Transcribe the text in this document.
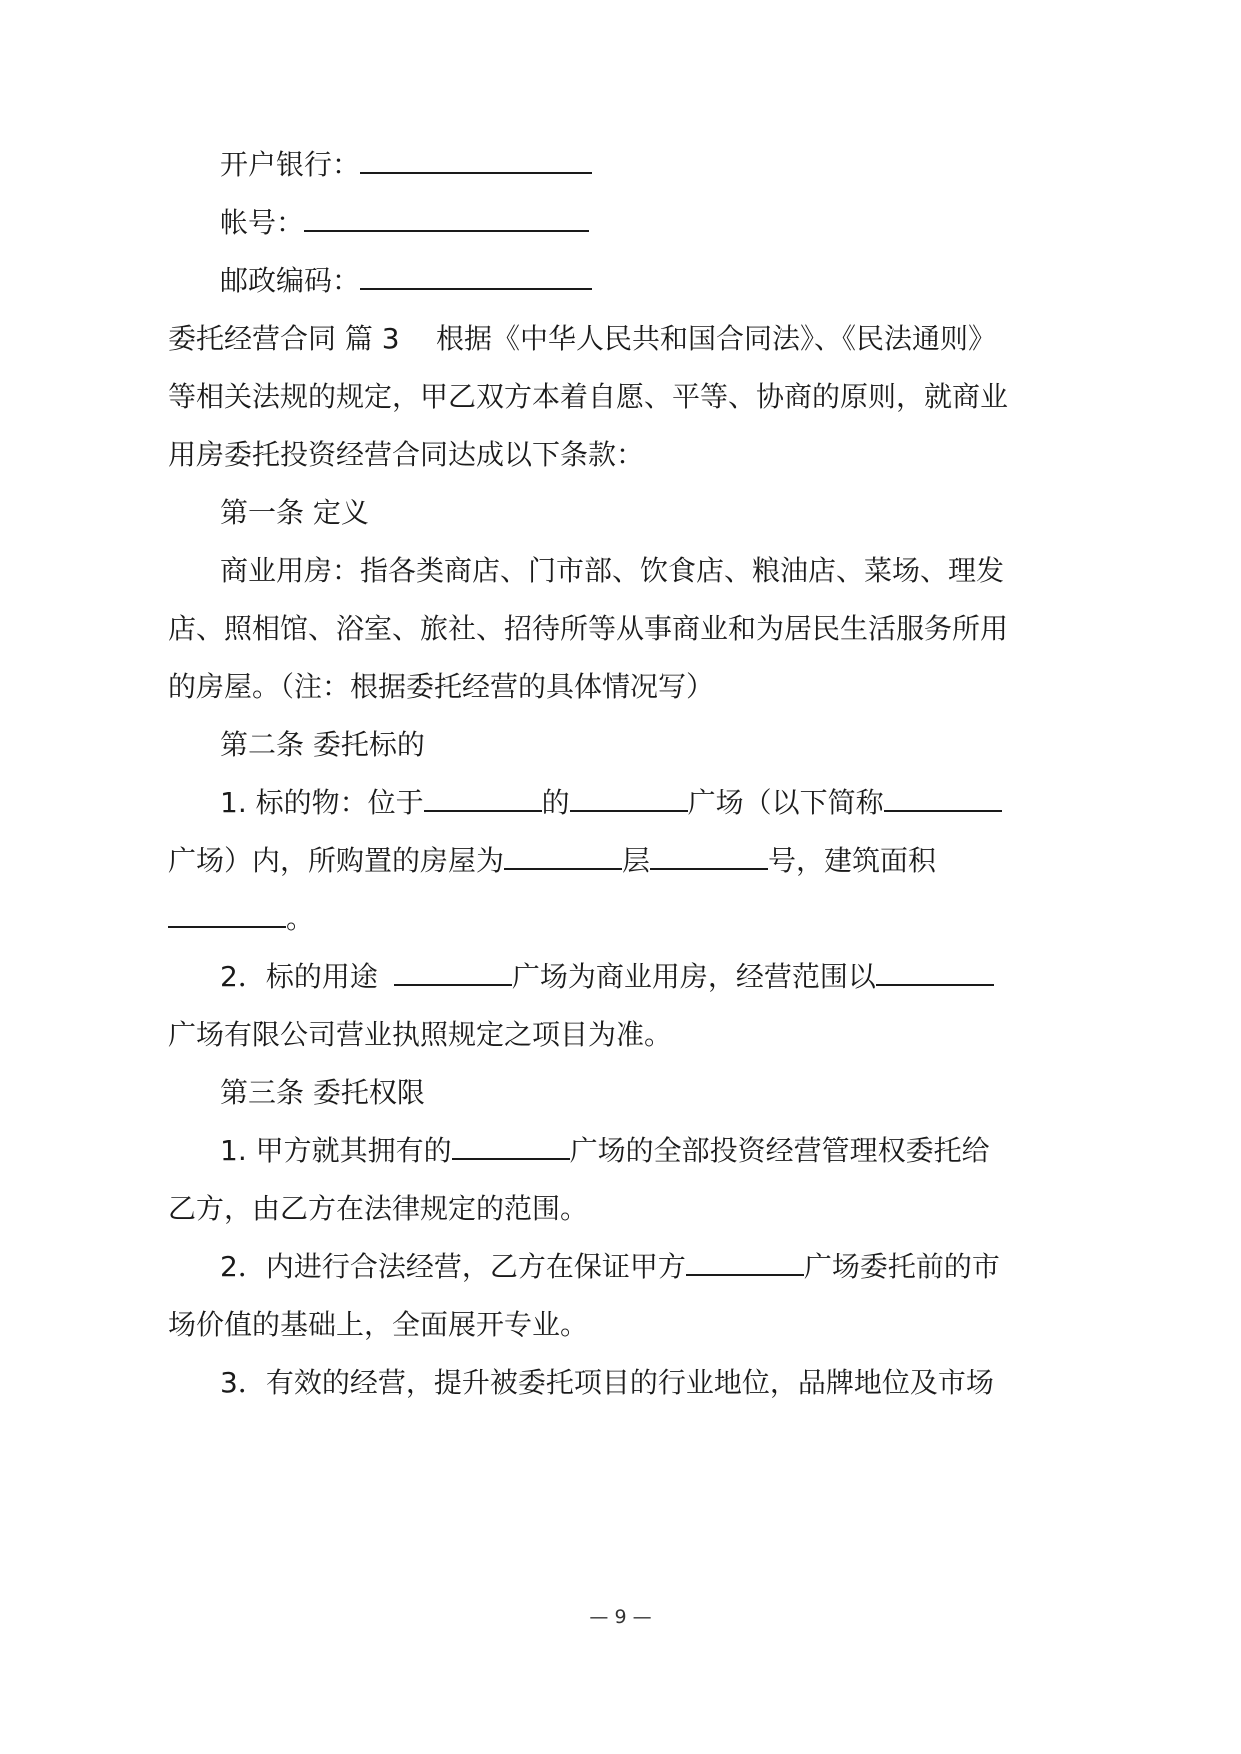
开户银行：
帐号：
邮政编码：
委托经营合同 篇 3 根据《中华人民共和国合同法》、《民法通则》
等相关法规的规定，甲乙双方本着自愿、平等、协商的原则，就商业
用房委托投资经营合同达成以下条款：
第一条 定义
商业用房：指各类商店、门市部、饮食店、粮油店、菜场、理发
店、照相馆、浴室、旅社、招待所等从事商业和为居民生活服务所用
的房屋。（注：根据委托经营的具体情况写）
第二条 委托标的
1. 标的物：位于	的	广场（以下简称
广场）内，所购置的房屋为	层	号，建筑面积
。
2．标的用途	广场为商业用房，经营范围以
广场有限公司营业执照规定之项目为准。
第三条 委托权限
1. 甲方就其拥有的	广场的全部投资经营管理权委托给
乙方，由乙方在法律规定的范围。
2．内进行合法经营，乙方在保证甲方	广场委托前的市
场价值的基础上，全面展开专业。
3．有效的经营，提升被委托项目的行业地位，品牌地位及市场
— 9 —
